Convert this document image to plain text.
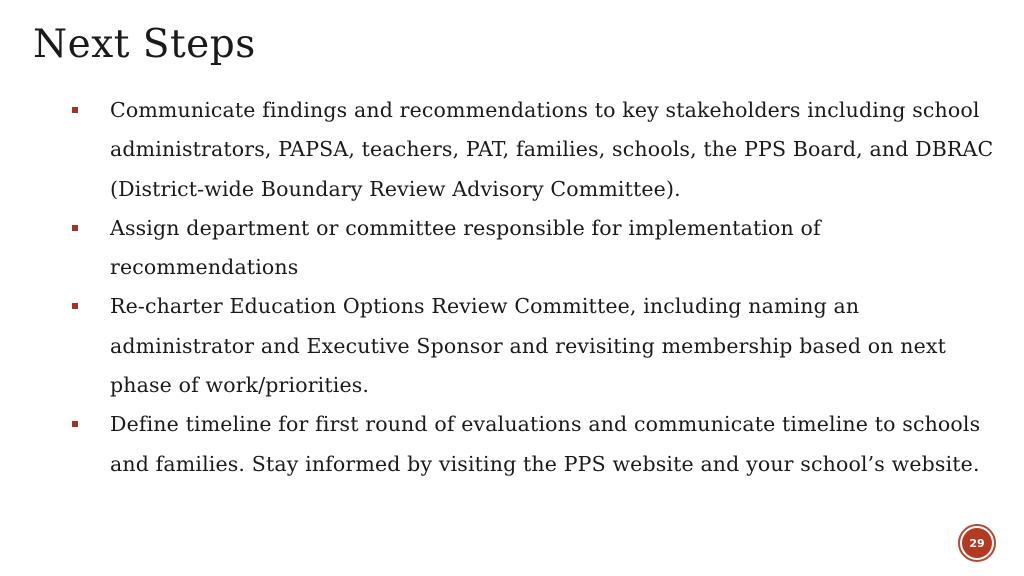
Next Steps
Communicate findings and recommendations to key stakeholders including school administrators, PAPSA, teachers, PAT, families, schools, the PPS Board, and DBRAC (District-wide Boundary Review Advisory Committee).
Assign department or committee responsible for implementation of recommendations
Re-charter Education Options Review Committee, including naming an administrator and Executive Sponsor and revisiting membership based on next phase of work/priorities.
Define timeline for first round of evaluations and communicate timeline to schools and families. Stay informed by visiting the PPS website and your school’s website.
29
